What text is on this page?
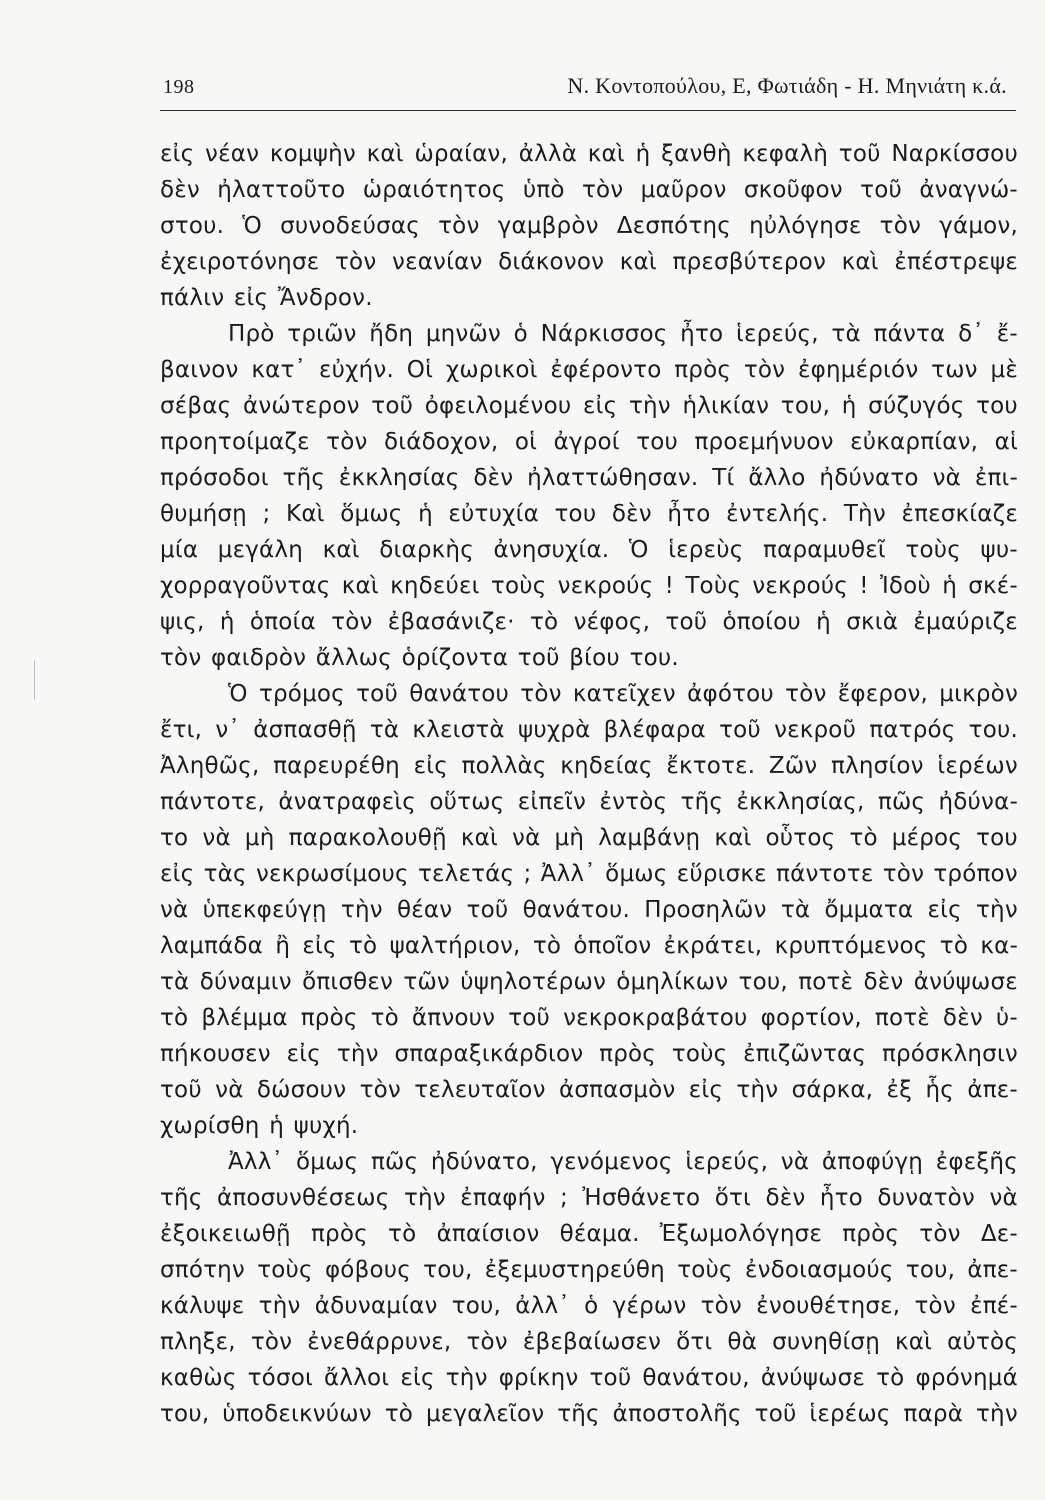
198	Ν. Κοντοπούλου, Ε, Φωτιάδη - Η. Μηνιάτη κ.ά.
εἰς νέαν κομψὴν καὶ ὡραίαν, ἀλλὰ καὶ ἡ ξανθὴ κεφαλὴ τοῦ Ναρκίσσου
δὲν ἠλαττοῦτο ὡραιότητος ὑπὸ τὸν μαῦρον σκοῦφον τοῦ ἀναγνώ-
στου. Ὁ συνοδεύσας τὸν γαμβρὸν Δεσπότης ηὐλόγησε τὸν γάμον,
ἐχειροτόνησε τὸν νεανίαν διάκονον καὶ πρεσβύτερον καὶ ἐπέστρεψε
πάλιν εἰς Ἄνδρον.
Πρὸ τριῶν ἤδη μηνῶν ὁ Νάρκισσος ἦτο ἱερεύς, τὰ πάντα δ᾽ ἔ-
βαινον κατ᾽ εὐχήν. Οἱ χωρικοὶ ἐφέροντο πρὸς τὸν ἐφημέριόν των μὲ
σέβας ἀνώτερον τοῦ ὀφειλομένου εἰς τὴν ἡλικίαν του, ἡ σύζυγός του
προητοίμαζε τὸν διάδοχον, οἱ ἀγροί του προεμήνυον εὐκαρπίαν, αἱ
πρόσοδοι τῆς ἐκκλησίας δὲν ἠλαττώθησαν. Τί ἄλλο ἠδύνατο νὰ ἐπι-
θυμήσῃ ; Καὶ ὅμως ἡ εὐτυχία του δὲν ἦτο ἐντελής. Τὴν ἐπεσκίαζε
μία μεγάλη καὶ διαρκὴς ἀνησυχία. Ὁ ἱερεὺς παραμυθεῖ τοὺς ψυ-
χορραγοῦντας καὶ κηδεύει τοὺς νεκρούς ! Τοὺς νεκρούς ! Ἰδοὺ ἡ σκέ-
ψις, ἡ ὁποία τὸν ἐβασάνιζε· τὸ νέφος, τοῦ ὁποίου ἡ σκιὰ ἐμαύριζε
τὸν φαιδρὸν ἄλλως ὁρίζοντα τοῦ βίου του.
Ὁ τρόμος τοῦ θανάτου τὸν κατεῖχεν ἀφότου τὸν ἔφερον, μικρὸν
ἔτι, ν᾽ ἀσπασθῇ τὰ κλειστὰ ψυχρὰ βλέφαρα τοῦ νεκροῦ πατρός του.
Ἀληθῶς, παρευρέθη εἰς πολλὰς κηδείας ἔκτοτε. Ζῶν πλησίον ἱερέων
πάντοτε, ἀνατραφεὶς οὕτως εἰπεῖν ἐντὸς τῆς ἐκκλησίας, πῶς ἠδύνα-
το νὰ μὴ παρακολουθῇ καὶ νὰ μὴ λαμβάνῃ καὶ οὗτος τὸ μέρος του
εἰς τὰς νεκρωσίμους τελετάς ; Ἀλλ᾽ ὅμως εὕρισκε πάντοτε τὸν τρόπον
νὰ ὑπεκφεύγῃ τὴν θέαν τοῦ θανάτου. Προσηλῶν τὰ ὄμματα εἰς τὴν
λαμπάδα ἢ εἰς τὸ ψαλτήριον, τὸ ὁποῖον ἐκράτει, κρυπτόμενος τὸ κα-
τὰ δύναμιν ὄπισθεν τῶν ὑψηλοτέρων ὁμηλίκων του, ποτὲ δὲν ἀνύψωσε
τὸ βλέμμα πρὸς τὸ ἄπνουν τοῦ νεκροκραβάτου φορτίον, ποτὲ δὲν ὑ-
πήκουσεν εἰς τὴν σπαραξικάρδιον πρὸς τοὺς ἐπιζῶντας πρόσκλησιν
τοῦ νὰ δώσουν τὸν τελευταῖον ἀσπασμὸν εἰς τὴν σάρκα, ἐξ ἧς ἀπε-
χωρίσθη ἡ ψυχή.
Ἀλλ᾽ ὅμως πῶς ἠδύνατο, γενόμενος ἱερεύς, νὰ ἀποφύγῃ ἐφεξῆς
τῆς ἀποσυνθέσεως τὴν ἐπαφήν ; Ἠσθάνετο ὅτι δὲν ἦτο δυνατὸν νὰ
ἐξοικειωθῇ πρὸς τὸ ἀπαίσιον θέαμα. Ἐξωμολόγησε πρὸς τὸν Δε-
σπότην τοὺς φόβους του, ἐξεμυστηρεύθη τοὺς ἐνδοιασμούς του, ἀπε-
κάλυψε τὴν ἀδυναμίαν του, ἀλλ᾽ ὁ γέρων τὸν ἐνουθέτησε, τὸν ἐπέ-
πληξε, τὸν ἐνεθάρρυνε, τὸν ἐβεβαίωσεν ὅτι θὰ συνηθίσῃ καὶ αὐτὸς
καθὼς τόσοι ἄλλοι εἰς τὴν φρίκην τοῦ θανάτου, ἀνύψωσε τὸ φρόνημά
του, ὑποδεικνύων τὸ μεγαλεῖον τῆς ἀποστολῆς τοῦ ἱερέως παρὰ τὴν
